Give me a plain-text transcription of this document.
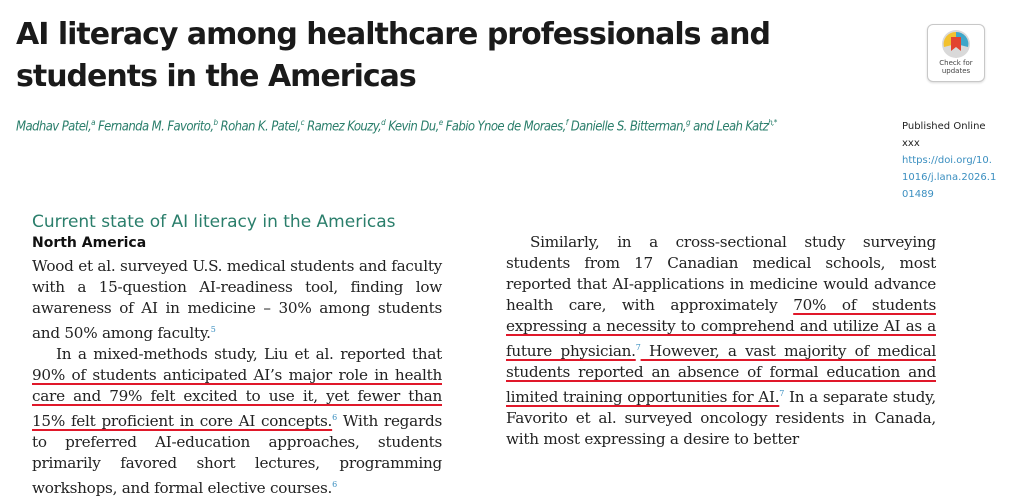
AI literacy among healthcare professionals and students in the Americas	Check for
updates
Madhav Patel,$^a$ Fernanda M. Favorito,$^b$ Rohan K. Patel,$^c$ Ramez Kouzy,$^d$ Kevin Du,$^e$ Fabio Ynoe de Moraes,$^f$ Danielle S. Bitterman,$^g$ and Leah Katz$^{h,*}$	Published Online xxx
https://doi.org/10.1016/j.lana.2026.101489
Current state of AI literacy in the Americas
North America

Wood et al. surveyed U.S. medical students and faculty with a 15-question AI-readiness tool, finding low awareness of AI in medicine – 30% among students and 50% among faculty.$^5$

In a mixed-methods study, Liu et al. reported that 90% of students anticipated AI’s major role in health care and 79% felt excited to use it, yet fewer than 15% felt proficient in core AI concepts.$^6$ With regards to preferred AI-education approaches, students primarily favored short lectures, programming workshops, and formal elective courses.$^6$

Similarly, in a cross-sectional study surveying students from 17 Canadian medical schools, most reported that AI-applications in medicine would advance health care, with approximately 70% of students expressing a necessity to comprehend and utilize AI as a future physician.$^7$ However, a vast majority of medical students reported an absence of formal education and limited training opportunities for AI.$^7$ In a separate study, Favorito et al. surveyed oncology residents in Canada, with most expressing a desire to better
